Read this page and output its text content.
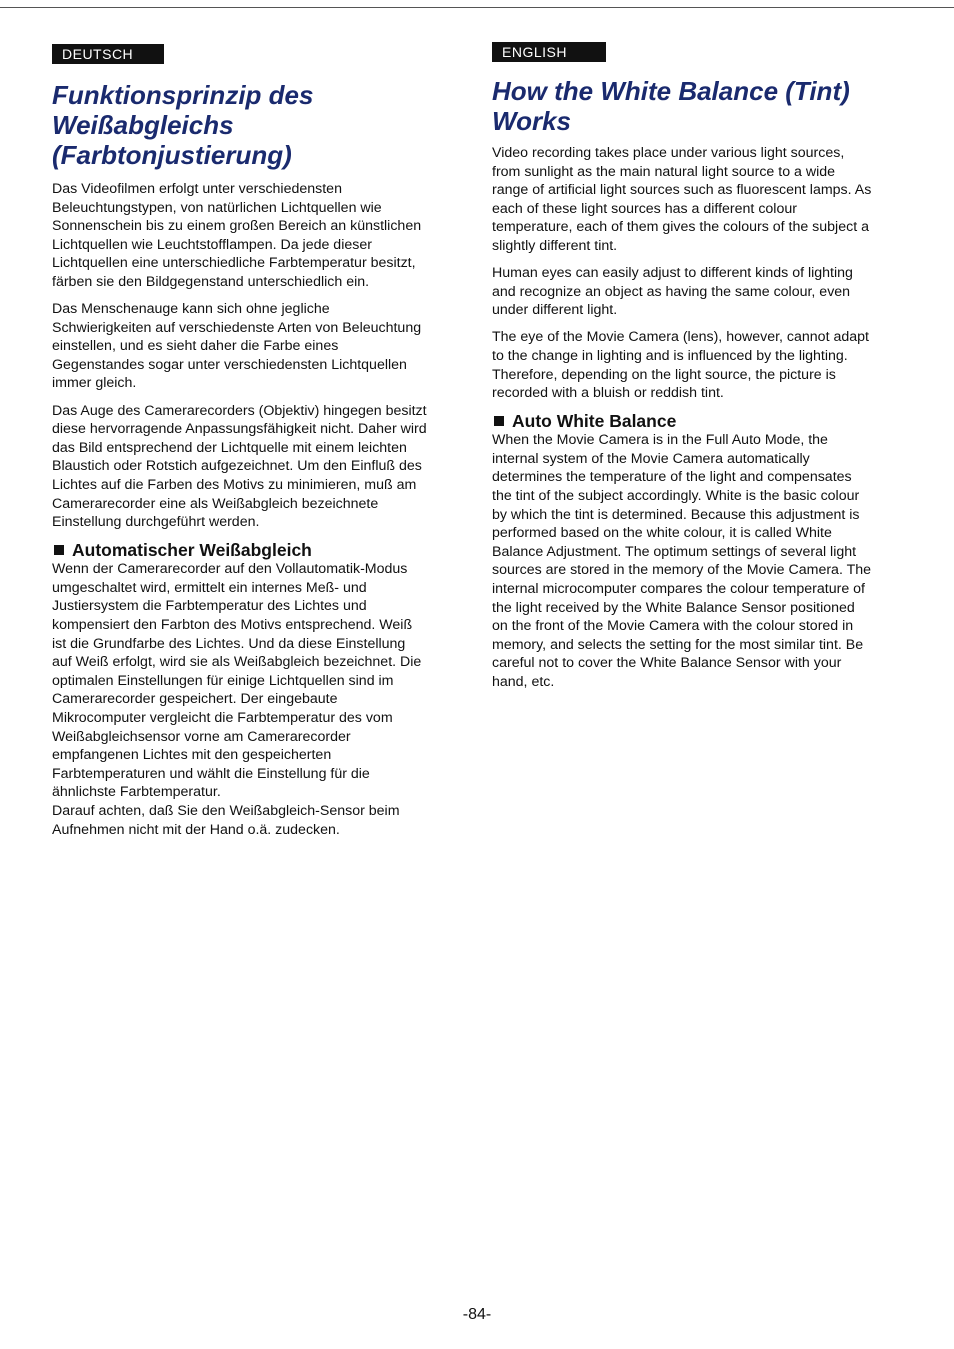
DEUTSCH
Funktionsprinzip des Weißabgleichs (Farbtonjustierung)

Das Videofilmen erfolgt unter verschiedensten Beleuchtungstypen, von natürlichen Lichtquellen wie Sonnenschein bis zu einem großen Bereich an künstlichen Lichtquellen wie Leuchtstofflampen. Da jede dieser Lichtquellen eine unterschiedliche Farbtemperatur besitzt, färben sie den Bildgegenstand unterschiedlich ein.

Das Menschenauge kann sich ohne jegliche Schwierigkeiten auf verschiedenste Arten von Beleuchtung einstellen, und es sieht daher die Farbe eines Gegenstandes sogar unter verschiedensten Lichtquellen immer gleich.

Das Auge des Camerarecorders (Objektiv) hingegen besitzt diese hervorragende Anpassungsfähigkeit nicht. Daher wird das Bild entsprechend der Lichtquelle mit einem leichten Blaustich oder Rotstich aufgezeichnet. Um den Einfluß des Lichtes auf die Farben des Motivs zu minimieren, muß am Camerarecorder eine als Weißabgleich bezeichnete Einstellung durchgeführt werden.

Automatischer Weißabgleich

Wenn der Camerarecorder auf den Vollautomatik-Modus umgeschaltet wird, ermittelt ein internes Meß- und Justiersystem die Farbtemperatur des Lichtes und kompensiert den Farbton des Motivs entsprechend. Weiß ist die Grundfarbe des Lichtes. Und da diese Einstellung auf Weiß erfolgt, wird sie als Weißabgleich bezeichnet. Die optimalen Einstellungen für einige Lichtquellen sind im Camerarecorder gespeichert. Der eingebaute Mikrocomputer vergleicht die Farbtemperatur des vom Weißabgleichsensor vorne am Camerarecorder empfangenen Lichtes mit den gespeicherten Farbtemperaturen und wählt die Einstellung für die ähnlichste Farbtemperatur.

Darauf achten, daß Sie den Weißabgleich-Sensor beim Aufnehmen nicht mit der Hand o.ä. zudecken.

ENGLISH
How the White Balance (Tint) Works

Video recording takes place under various light sources, from sunlight as the main natural light source to a wide range of artificial light sources such as fluorescent lamps. As each of these light sources has a different colour temperature, each of them gives the colours of the subject a slightly different tint.

Human eyes can easily adjust to different kinds of lighting and recognize an object as having the same colour, even under different light.

The eye of the Movie Camera (lens), however, cannot adapt to the change in lighting and is influenced by the lighting. Therefore, depending on the light source, the picture is recorded with a bluish or reddish tint.

Auto White Balance

When the Movie Camera is in the Full Auto Mode, the internal system of the Movie Camera automatically determines the temperature of the light and compensates the tint of the subject accordingly. White is the basic colour by which the tint is determined. Because this adjustment is performed based on the white colour, it is called White Balance Adjustment. The optimum settings of several light sources are stored in the memory of the Movie Camera. The internal microcomputer compares the colour temperature of the light received by the White Balance Sensor positioned on the front of the Movie Camera with the colour stored in memory, and selects the setting for the most similar tint. Be careful not to cover the White Balance Sensor with your hand, etc.

-84-
